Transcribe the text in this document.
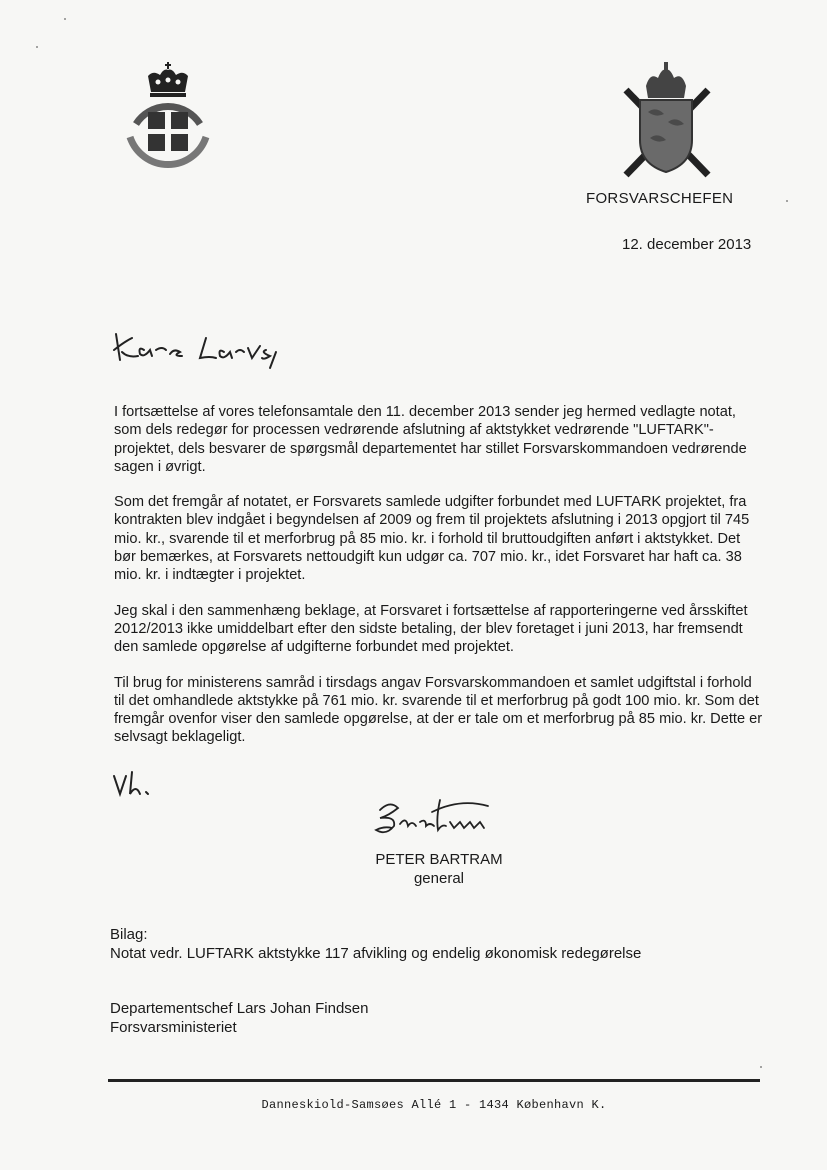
FORSVARSCHEFEN
12. december 2013

I fortsættelse af vores telefonsamtale den 11. december 2013 sender jeg hermed vedlagte notat, som dels redegør for processen vedrørende afslutning af aktstykket vedrørende "LUFTARK"-projektet, dels besvarer de spørgsmål departementet har stillet Forsvarskommandoen vedrørende sagen i øvrigt.

Som det fremgår af notatet, er Forsvarets samlede udgifter forbundet med LUFTARK projektet, fra kontrakten blev indgået i begyndelsen af 2009 og frem til projektets afslutning i 2013 opgjort til 745 mio. kr., svarende til et merforbrug på 85 mio. kr. i forhold til bruttoudgiften anført i aktstykket. Det bør bemærkes, at Forsvarets nettoudgift kun udgør ca. 707 mio. kr., idet Forsvaret har haft ca. 38 mio. kr. i indtægter i projektet.

Jeg skal i den sammenhæng beklage, at Forsvaret i fortsættelse af rapporteringerne ved årsskiftet 2012/2013 ikke umiddelbart efter den sidste betaling, der blev foretaget i juni 2013, har fremsendt den samlede opgørelse af udgifterne forbundet med projektet.

Til brug for ministerens samråd i tirsdags angav Forsvarskommandoen et samlet udgiftstal i forhold til det omhandlede aktstykke på 761 mio. kr. svarende til et merforbrug på godt 100 mio. kr. Som det fremgår ovenfor viser den samlede opgørelse, at der er tale om et merforbrug på 85 mio. kr. Dette er selvsagt beklageligt.

PETER BARTRAM
general
Bilag:
Notat vedr. LUFTARK aktstykke 117 afvikling og endelig økonomisk redegørelse
Departementschef Lars Johan Findsen
Forsvarsministeriet
Danneskiold-Samsøes Allé 1 - 1434 København K.
